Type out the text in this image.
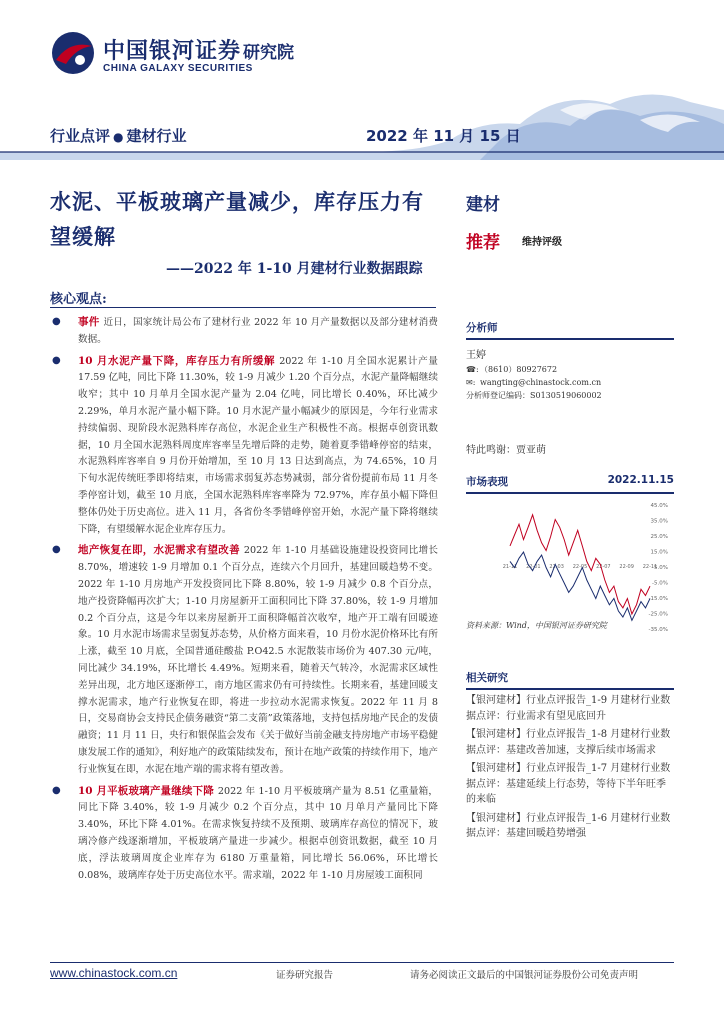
中国银河证券
CHINA GALAXY SECURITIES
研究院
行业点评 ● 建材行业	2022 年 11 月 15 日
水泥、平板玻璃产量减少，库存压力有望缓解
——2022 年 1-10 月建材行业数据跟踪
建材
推荐 维持评级
核心观点:
● 事件 近日，国家统计局公布了建材行业 2022 年 10 月产量数据以及部分建材消费数据。
● 10 月水泥产量下降，库存压力有所缓解 2022 年 1-10 月全国水泥累计产量 17.59 亿吨，同比下降 11.30%，较 1-9 月减少 1.20 个百分点，水泥产量降幅继续收窄；其中 10 月单月全国水泥产量为 2.04 亿吨，同比增长 0.40%，环比减少 2.29%，单月水泥产量小幅下降。10 月水泥产量小幅减少的原因是，今年行业需求持续偏弱、现阶段水泥熟料库存高位，水泥企业生产积极性不高。根据卓创资讯数据，10 月全国水泥熟料周度库容率呈先增后降的走势，随着夏季错峰停窑的结束，水泥熟料库容率自 9 月份开始增加，至 10 月 13 日达到高点，为 74.65%，10 月下旬水泥传统旺季即将结束，市场需求弱复苏态势减弱，部分省份提前布局 11 月冬季停窑计划，截至 10 月底，全国水泥熟料库容率降为 72.97%，库存虽小幅下降但整体仍处于历史高位。进入 11 月，各省份冬季错峰停窑开始，水泥产量下降将继续下降，有望缓解水泥企业库存压力。
● 地产恢复在即，水泥需求有望改善 2022 年 1-10 月基础设施建设投资同比增长 8.70%，增速较 1-9 月增加 0.1 个百分点，连续六个月回升，基建回暖趋势不变。2022 年 1-10 月房地产开发投资同比下降 8.80%，较 1-9 月减少 0.8 个百分点，地产投资降幅再次扩大；1-10 月房屋新开工面积同比下降 37.80%，较 1-9 月增加 0.2 个百分点，这是今年以来房屋新开工面积降幅首次收窄，地产开工端有回暖迹象。10 月水泥市场需求呈弱复苏态势，从价格方面来看，10 月份水泥价格环比有所上涨，截至 10 月底，全国普通硅酸盐 P.O42.5 水泥散装市场价为 407.30 元/吨，同比减少 34.19%，环比增长 4.49%。短期来看，随着天气转冷，水泥需求区域性差异出现，北方地区逐渐停工，南方地区需求仍有可持续性。长期来看，基建回暖支撑水泥需求，地产行业恢复在即，将进一步拉动水泥需求恢复。2022 年 11 月 8 日，交易商协会支持民企债务融资“第二支箭”政策落地，支持包括房地产民企的发债融资；11 月 11 日，央行和银保监会发布《关于做好当前金融支持房地产市场平稳健康发展工作的通知》，利好地产的政策陆续发布，预计在地产政策的持续作用下，地产行业恢复在即，水泥在地产端的需求将有望改善。
● 10 月平板玻璃产量继续下降 2022 年 1-10 月平板玻璃产量为 8.51 亿重量箱，同比下降 3.40%，较 1-9 月减少 0.2 个百分点，其中 10 月单月产量同比下降 3.40%，环比下降 4.01%。在需求恢复持续不及预期、玻璃库存高位的情况下，玻璃冷修产线逐渐增加，平板玻璃产量进一步减少。根据卓创资讯数据，截至 10 月底，浮法玻璃周度企业库存为 6180 万重量箱，同比增长 56.06%，环比增长 0.08%，玻璃库存处于历史高位水平。需求端，2022 年 1-10 月房屋竣工面积同
分析师
王婷
☎: （8610）80927672
✉: wangting@chinastock.com.cn
分析师登记编码：S0130519060002
特此鸣谢：贾亚萌
市场表现	2022.11.15
45.0%
35.0%
25.0%
15.0%
5.0%
-5.0%
-15.0%
-25.0%
-35.0%
21-11 22-01 22-03 22-05 22-07 22-09 22-11
资料来源：Wind，中国银河证券研究院
相关研究
【银河建材】行业点评报告_1-9 月建材行业数据点评：行业需求有望见底回升
【银河建材】行业点评报告_1-8 月建材行业数据点评：基建改善加速，支撑后续市场需求
【银河建材】行业点评报告_1-7 月建材行业数据点评：基建延续上行态势，等待下半年旺季的来临
【银河建材】行业点评报告_1-6 月建材行业数据点评：基建回暖趋势增强
www.chinastock.com.cn	证券研究报告	请务必阅读正文最后的中国银河证券股份公司免责声明
